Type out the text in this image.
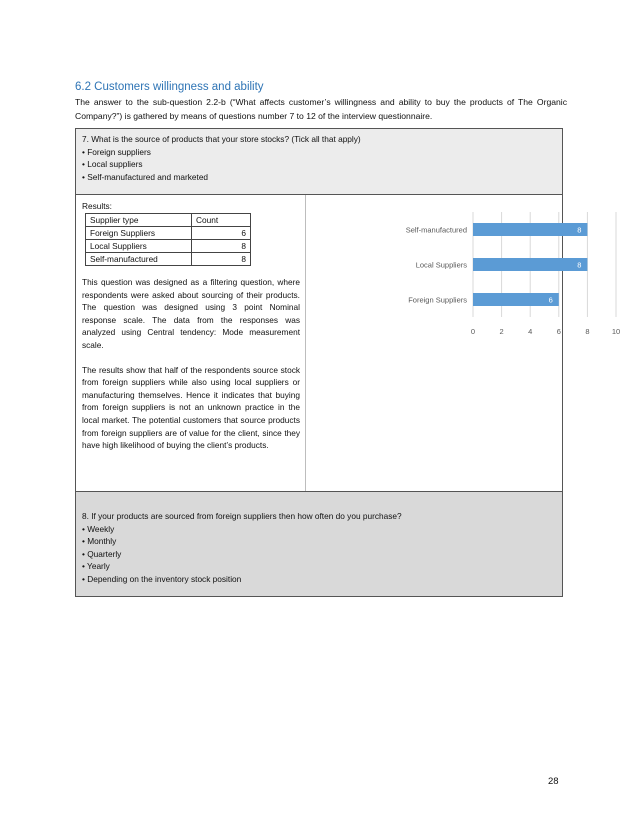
6.2 Customers willingness and ability

The answer to the sub-question 2.2-b (“What affects customer’s willingness and ability to buy the products of The Organic Company?”) is gathered by means of questions number 7 to 12 of the interview questionnaire.

7. What is the source of products that your store stocks? (Tick all that apply)
• Foreign suppliers
• Local suppliers
• Self-manufactured and marketed
Results:
Supplier type	Count
Foreign Suppliers	6
Local Suppliers	8
Self-manufactured	8

This question was designed as a filtering question, where respondents were asked about sourcing of their products. The question was designed using 3 point Nominal response scale. The data from the responses was analyzed using Central tendency: Mode measurement scale.

The results show that half of the respondents source stock from foreign suppliers while also using local suppliers or manufacturing themselves. Hence it indicates that buying from foreign suppliers is not an unknown practice in the local market. The potential customers that source products from foreign suppliers are of value for the client, since they have high likelihood of buying the client’s products.

0	2	4	6	8	10
Self-manufactured	8
Local Suppliers	8
Foreign Suppliers	6
8. If your products are sourced from foreign suppliers then how often do you purchase?
• Weekly
• Monthly
• Quarterly
• Yearly
• Depending on the inventory stock position
28
